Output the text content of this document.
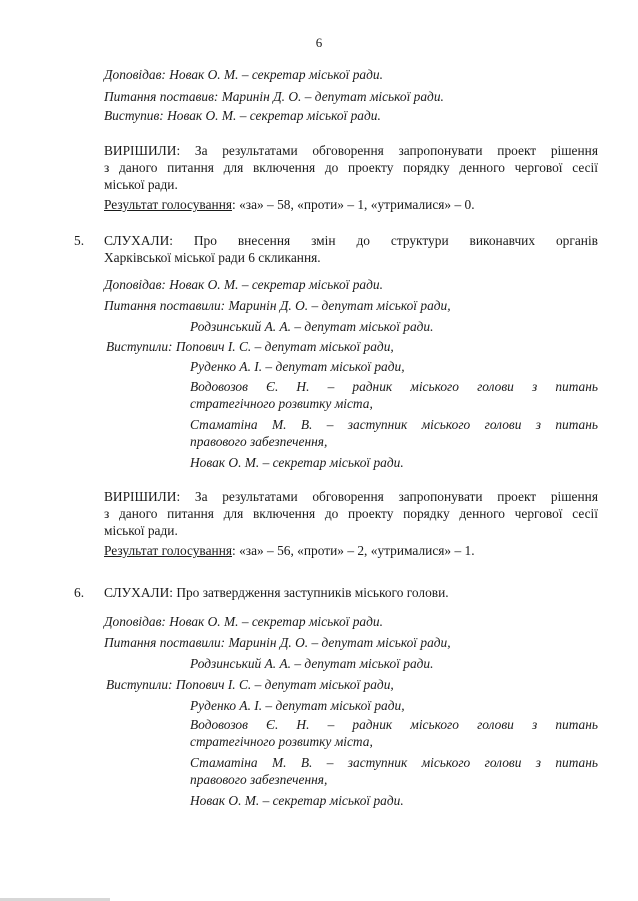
6
Доповідав: Новак О. М. – секретар міської ради.
Питання поставив: Маринін Д. О. – депутат міської ради.
Виступив: Новак О. М. – секретар міської ради.
ВИРІШИЛИ: За результатами обговорення запропонувати проект рішення
з даного питання для включення до проекту порядку денного чергової сесії
міської ради.
Результат голосування: «за» – 58, «проти» – 1, «утрималися» – 0.
5. СЛУХАЛИ: Про внесення змін до структури виконавчих органів
Харківської міської ради 6 скликання.
Доповідав: Новак О. М. – секретар міської ради.
Питання поставили: Маринін Д. О. – депутат міської ради,
Родзинський А. А. – депутат міської ради.
Виступили: Попович І. С. – депутат міської ради,
Руденко А. І. – депутат міської ради,
Водовозов Є. Н. – радник міського голови з питань
стратегічного розвитку міста,
Стаматіна М. В. – заступник міського голови з питань
правового забезпечення,
Новак О. М. – секретар міської ради.
ВИРІШИЛИ: За результатами обговорення запропонувати проект рішення
з даного питання для включення до проекту порядку денного чергової сесії
міської ради.
Результат голосування: «за» – 56, «проти» – 2, «утрималися» – 1.
6. СЛУХАЛИ: Про затвердження заступників міського голови.
Доповідав: Новак О. М. – секретар міської ради.
Питання поставили: Маринін Д. О. – депутат міської ради,
Родзинський А. А. – депутат міської ради.
Виступили: Попович І. С. – депутат міської ради,
Руденко А. І. – депутат міської ради,
Водовозов Є. Н. – радник міського голови з питань
стратегічного розвитку міста,
Стаматіна М. В. – заступник міського голови з питань
правового забезпечення,
Новак О. М. – секретар міської ради.
